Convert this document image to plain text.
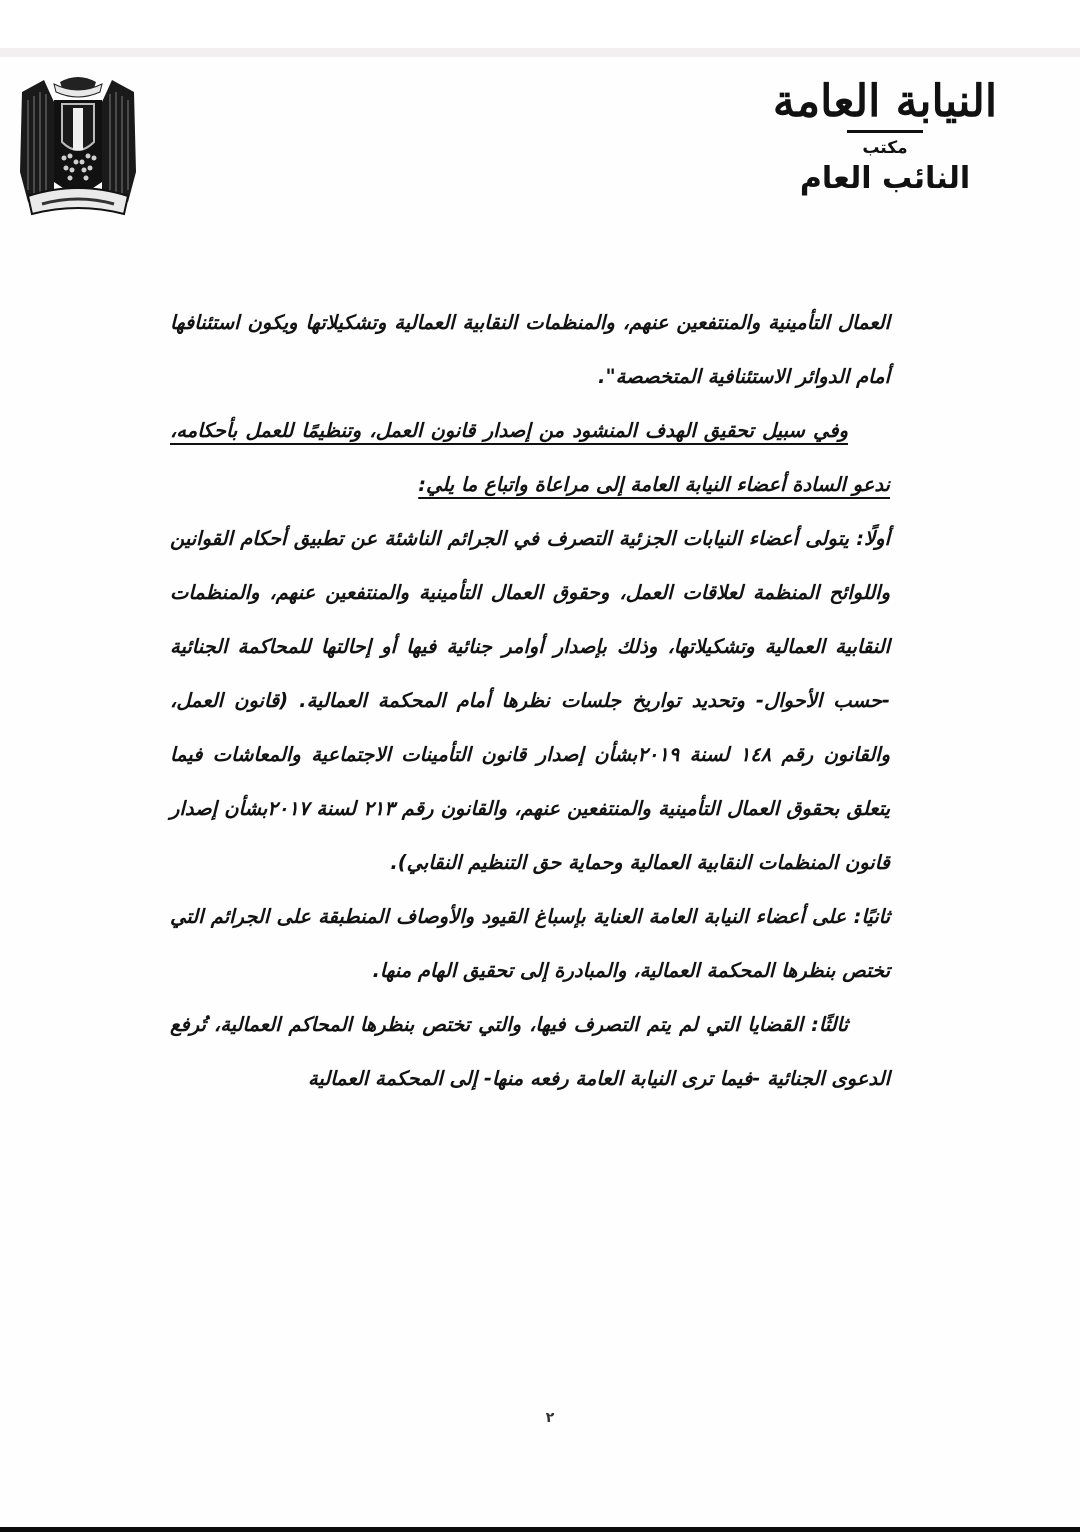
النيابة العامة
مكتب
النائب العام

العمال التأمينية والمنتفعين عنهم، والمنظمات النقابية العمالية وتشكيلاتها ويكون استئنافها أمام الدوائر الاستئنافية المتخصصة".

وفي سبيل تحقيق الهدف المنشود من إصدار قانون العمل، وتنظيمًا للعمل بأحكامه، ندعو السادة أعضاء النيابة العامة إلى مراعاة واتباع ما يلي:

أولًا: يتولى أعضاء النيابات الجزئية التصرف في الجرائم الناشئة عن تطبيق أحكام القوانين واللوائح المنظمة لعلاقات العمل، وحقوق العمال التأمينية والمنتفعين عنهم، والمنظمات النقابية العمالية وتشكيلاتها، وذلك بإصدار أوامر جنائية فيها أو إحالتها للمحاكمة الجنائية -حسب الأحوال- وتحديد تواريخ جلسات نظرها أمام المحكمة العمالية. (قانون العمل، والقانون رقم ١٤٨ لسنة ٢٠١٩بشأن إصدار قانون التأمينات الاجتماعية والمعاشات فيما يتعلق بحقوق العمال التأمينية والمنتفعين عنهم، والقانون رقم ٢١٣ لسنة ٢٠١٧بشأن إصدار قانون المنظمات النقابية العمالية وحماية حق التنظيم النقابي).

ثانيًا: على أعضاء النيابة العامة العناية بإسباغ القيود والأوصاف المنطبقة على الجرائم التي تختص بنظرها المحكمة العمالية، والمبادرة إلى تحقيق الهام منها.

ثالثًا: القضايا التي لم يتم التصرف فيها، والتي تختص بنظرها المحاكم العمالية، تُرفع الدعوى الجنائية -فيما ترى النيابة العامة رفعه منها- إلى المحكمة العمالية

٢
